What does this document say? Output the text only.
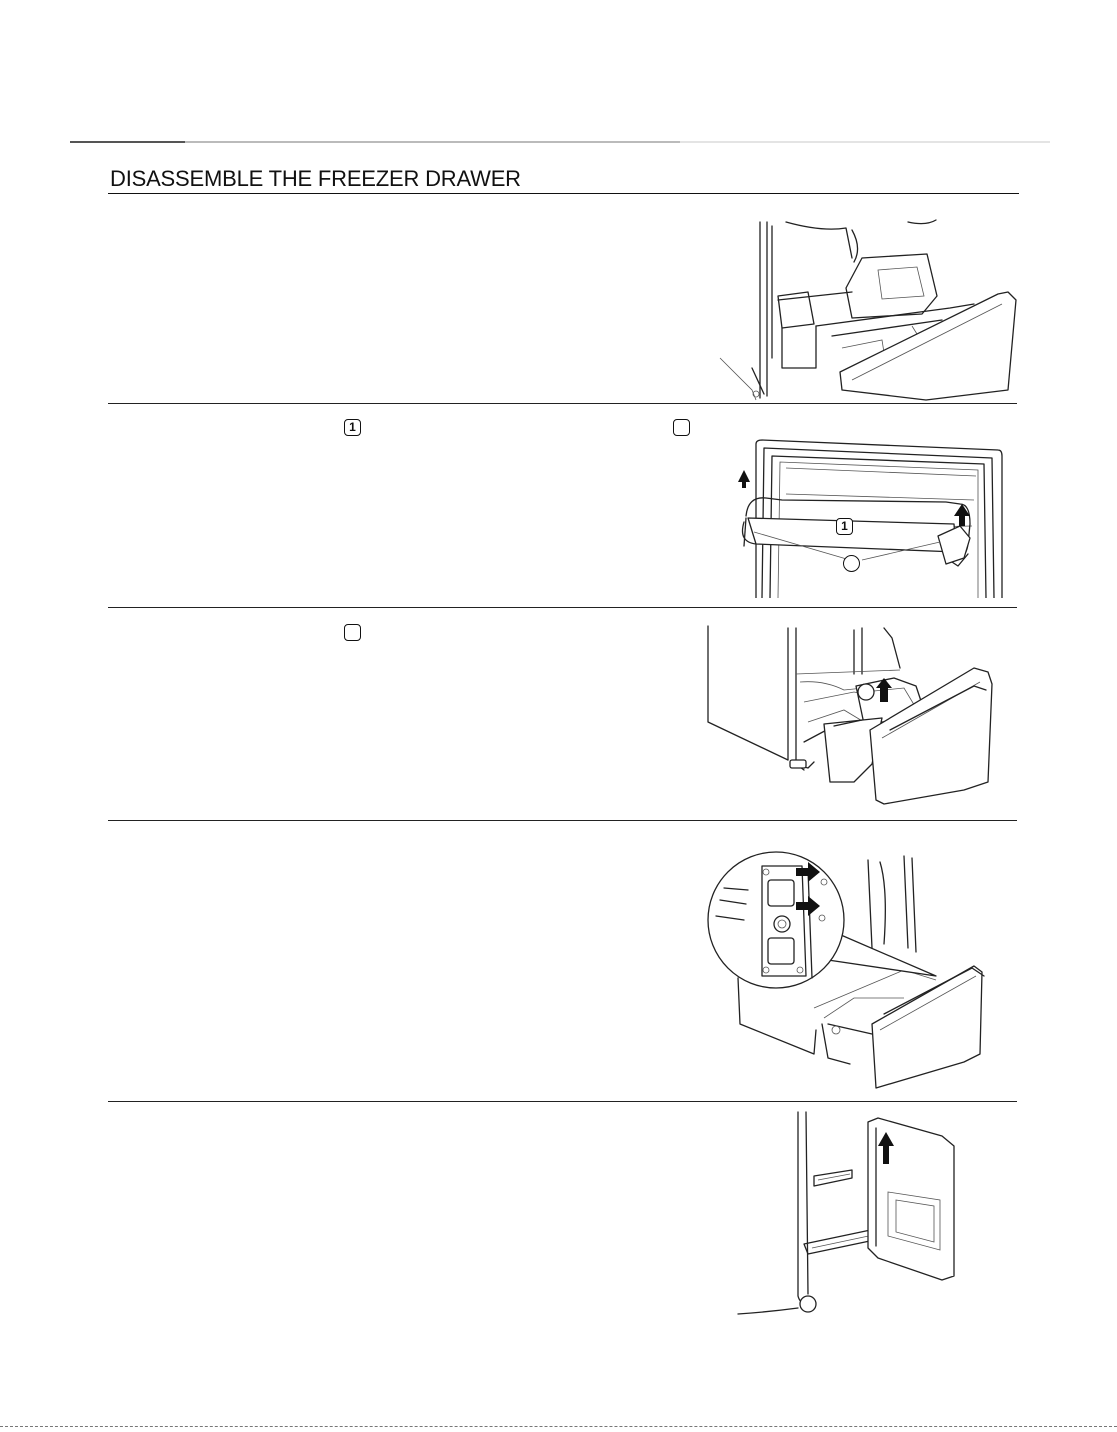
DISASSEMBLE THE FREEZER DRAWER
1
1
